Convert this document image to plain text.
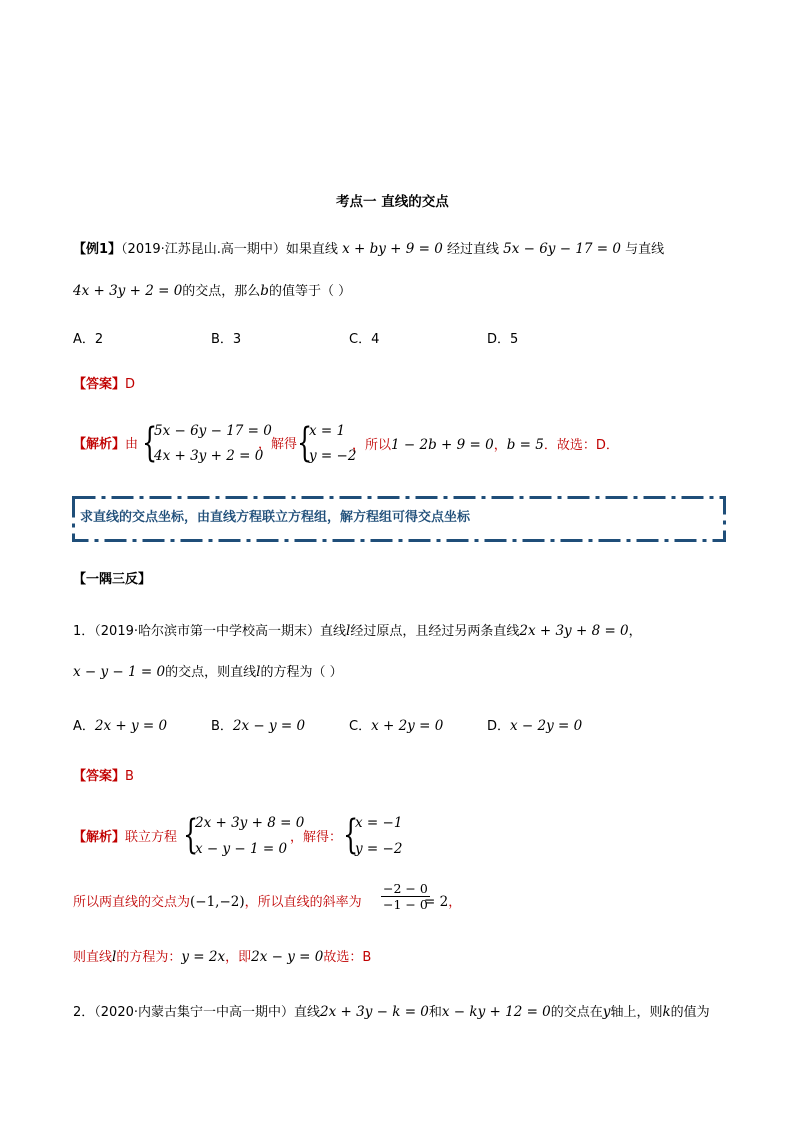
考点一 直线的交点
【例1】（2019·江苏昆山.高一期中）如果直线 x + by + 9 = 0 经过直线 5x − 6y − 17 = 0 与直线
4x + 3y + 2 = 0的交点，那么b的值等于（ ）
A．2	B．3	C．4	D．5
【答案】D
【解析】由 {
5x − 6y − 17 = 0
4x + 3y + 2 = 0
，解得 {
x = 1
y = −2
，所以1 − 2b + 9 = 0，b = 5．故选：D．
求直线的交点坐标，由直线方程联立方程组，解方程组可得交点坐标
【一隅三反】
1．（2019·哈尔滨市第一中学校高一期末）直线l经过原点，且经过另两条直线2x + 3y + 8 = 0，
x − y − 1 = 0的交点，则直线l的方程为（ ）
A．2x + y = 0	B．2x − y = 0	C．x + 2y = 0	D．x − 2y = 0
【答案】B
【解析】联立方程 {
2x + 3y + 8 = 0
x − y − 1 = 0
，解得： {
x = −1
y = −2
所以两直线的交点为(−1,−2)，所以直线的斜率为 $\frac{-2 - 0}{-1 - 0}$
= 2，
则直线l的方程为：y = 2x，即2x − y = 0故选：B
2．（2020·内蒙古集宁一中高一期中）直线2x + 3y − k = 0和x − ky + 12 = 0的交点在y轴上，则k的值为
